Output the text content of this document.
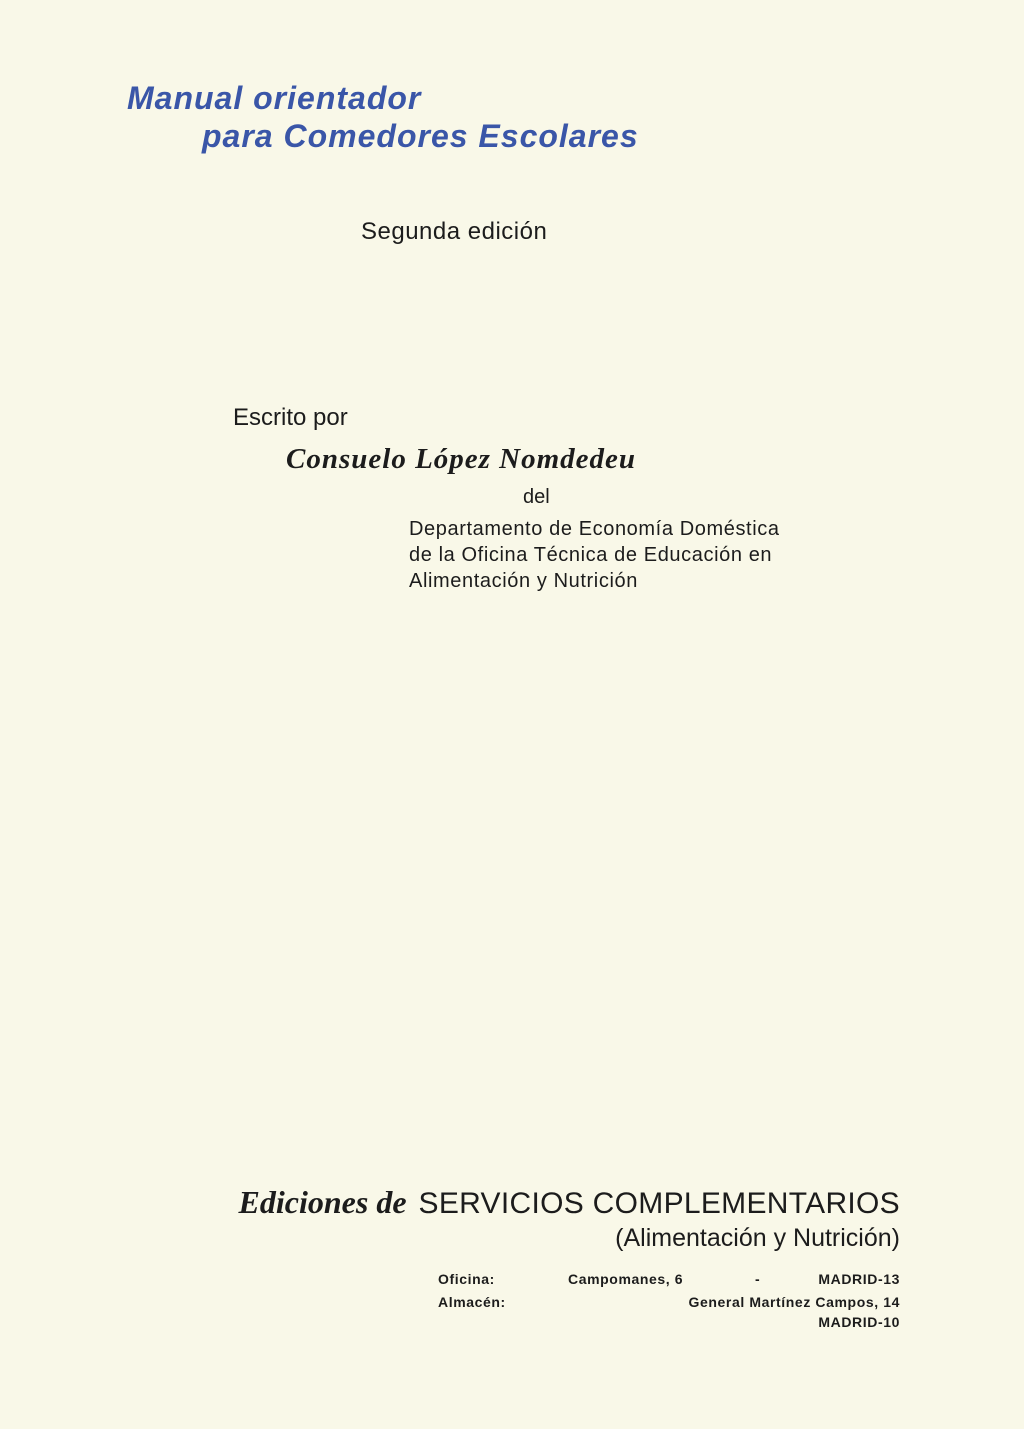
Manual orientador
para Comedores Escolares
Segunda edición
Escrito por
Consuelo López Nomdedeu
del
Departamento de Economía Doméstica
de la Oficina Técnica de Educación en
Alimentación y Nutrición
Ediciones de SERVICIOS COMPLEMENTARIOS
(Alimentación y Nutrición)
Oficina:	Campomanes, 6	-	MADRID-13
Almacén:	General Martínez Campos, 14
MADRID-10
